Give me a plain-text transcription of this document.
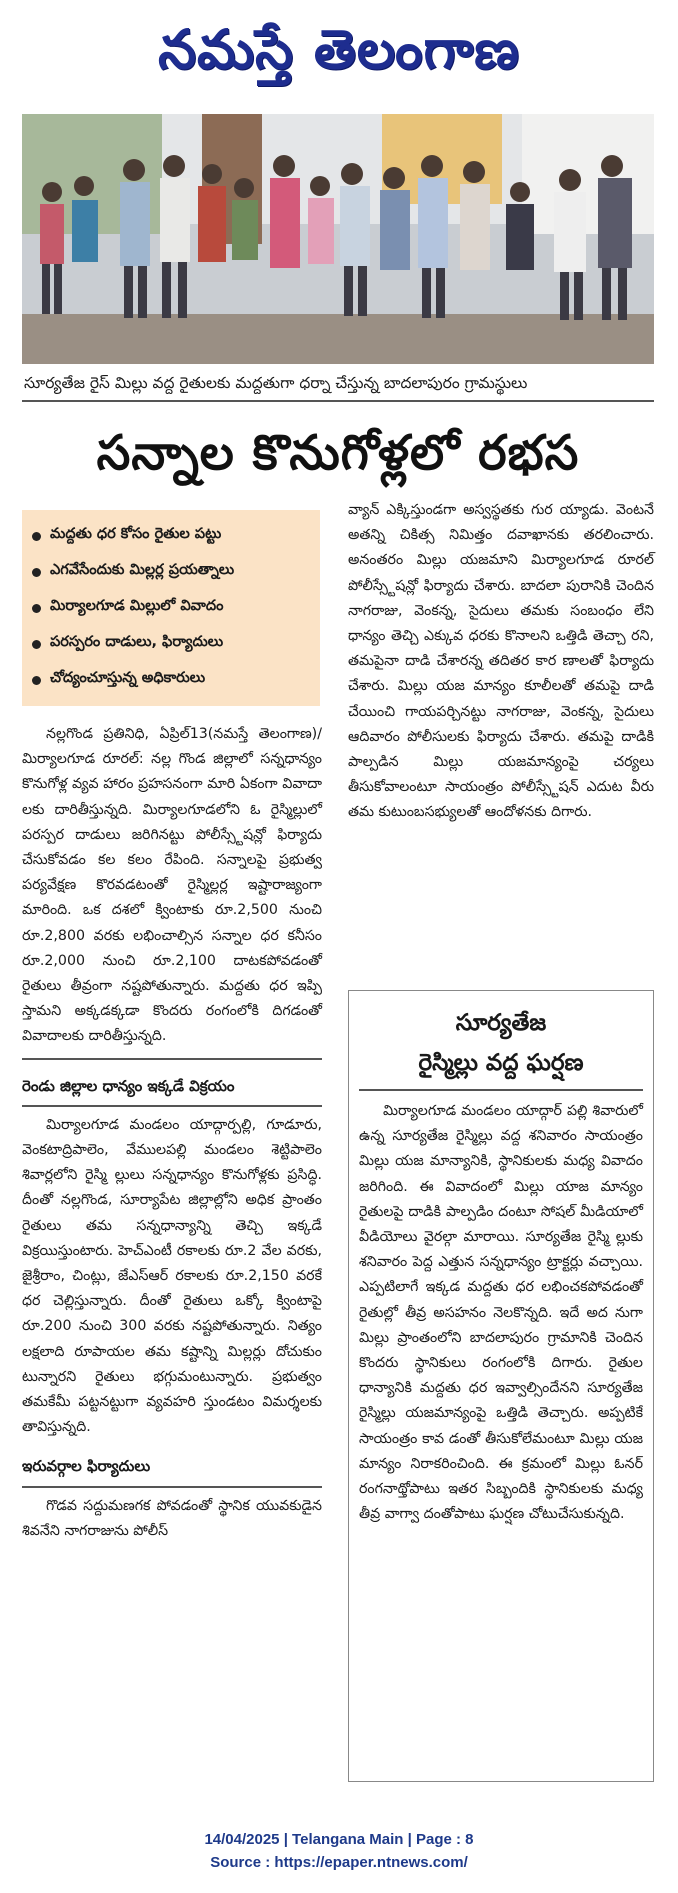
నమస్తే తెలంగాణ
సూర్యతేజ రైస్ మిల్లు వద్ద రైతులకు మద్దతుగా ధర్నా చేస్తున్న బాదలాపురం గ్రామస్థులు
సన్నాల కొనుగోళ్లలో రభస
మద్దతు ధర కోసం రైతుల పట్టు
ఎగవేసేందుకు మిల్లర్ల ప్రయత్నాలు
మిర్యాలగూడ మిల్లులో వివాదం
పరస్పరం దాడులు, ఫిర్యాదులు
చోద్యంచూస్తున్న అధికారులు

నల్లగొండ ప్రతినిధి, ఏప్రిల్13(నమస్తే తెలంగాణ)/మిర్యాలగూడ రూరల్: నల్ల గొండ జిల్లాలో సన్నధాన్యం కొనుగోళ్ల వ్యవ హారం ప్రహసనంగా మారి ఏకంగా వివాదా లకు దారితీస్తున్నది. మిర్యాలగూడలోని ఓ రైస్మిల్లులో పరస్పర దాడులు జరిగినట్టు పోలీస్స్టేషన్లో ఫిర్యాదు చేసుకోవడం కల కలం రేపింది. సన్నాలపై ప్రభుత్వ పర్యవేక్షణ కొరవడటంతో రైస్మిల్లర్ల ఇష్టారాజ్యంగా మారింది. ఒక దశలో క్వింటాకు రూ.2,500 నుంచి రూ.2,800 వరకు లభించాల్సిన సన్నాల ధర కనీసం రూ.2,000 నుంచి రూ.2,100 దాటకపోవడంతో రైతులు తీవ్రంగా నష్టపోతున్నారు. మద్దతు ధర ఇప్పి స్తామని అక్కడక్కడా కొందరు రంగంలోకి దిగడంతో వివాదాలకు దారితీస్తున్నది.

రెండు జిల్లాల ధాన్యం ఇక్కడే విక్రయం

మిర్యాలగూడ మండలం యాద్గార్పల్లి, గూడూరు, వెంకటాద్రిపాలెం, వేములపల్లి మండలం శెట్టిపాలెం శివార్లలోని రైస్మి ల్లులు సన్నధాన్యం కొనుగోళ్లకు ప్రసిద్ధి. దీంతో నల్లగొండ, సూర్యాపేట జిల్లాల్లోని అధిక ప్రాంతం రైతులు తమ సన్నధాన్యాన్ని తెచ్చి ఇక్కడే విక్రయిస్తుంటారు. హెచ్ఎంటీ రకాలకు రూ.2 వేల వరకు, జైశ్రీరాం, చింట్లు, జేఎస్ఆర్ రకాలకు రూ.2,150 వరకే ధర చెల్లిస్తున్నారు. దీంతో రైతులు ఒక్కో క్వింటాపై రూ.200 నుంచి 300 వరకు నష్టపోతున్నారు. నిత్యం లక్షలాది రూపాయల తమ కష్టాన్ని మిల్లర్లు దోచుకుం టున్నారని రైతులు భగ్గుమంటున్నారు. ప్రభుత్వం తమకేమీ పట్టనట్టుగా వ్యవహరి స్తుండటం విమర్శలకు తావిస్తున్నది.

ఇరువర్గాల ఫిర్యాదులు

గొడవ సద్దుమణగక పోవడంతో స్థానిక యువకుడైన శివనేని నాగరాజును పోలీస్

వ్యాన్ ఎక్కిస్తుండగా అస్వస్థతకు గుర య్యాడు. వెంటనే అతన్ని చికిత్స నిమిత్తం దవాఖానకు తరలించారు. అనంతరం మిల్లు యజమాని మిర్యాలగూడ రూరల్ పోలీస్స్టేషన్లో ఫిర్యాదు చేశారు. బాదలా పురానికి చెందిన నాగరాజు, వెంకన్న, సైదులు తమకు సంబంధం లేని ధాన్యం తెచ్చి ఎక్కువ ధరకు కొనాలని ఒత్తిడి తెచ్చా రని, తమపైనా దాడి చేశారన్న తదితర కార ణాలతో ఫిర్యాదు చేశారు. మిల్లు యజ మాన్యం కూలీలతో తమపై దాడి చేయించి గాయపర్చినట్టు నాగరాజు, వెంకన్న, సైదులు ఆదివారం పోలీసులకు ఫిర్యాదు చేశారు. తమపై దాడికి పాల్పడిన మిల్లు యజమాన్యంపై చర్యలు తీసుకోవాలంటూ సాయంత్రం పోలీస్స్టేషన్ ఎదుట వీరు తమ కుటుంబసభ్యులతో ఆందోళనకు దిగారు.

సూర్యతేజ
రైస్మిల్లు వద్ద ఘర్షణ

మిర్యాలగూడ మండలం యాద్గార్ పల్లి శివారులో ఉన్న సూర్యతేజ రైస్మిల్లు వద్ద శనివారం సాయంత్రం మిల్లు యజ మాన్యానికి, స్థానికులకు మధ్య వివాదం జరిగింది. ఈ వివాదంలో మిల్లు యాజ మాన్యం రైతులపై దాడికి పాల్పడిం దంటూ సోషల్ మీడియాలో వీడియోలు వైరల్గా మారాయి. సూర్యతేజ రైస్మి ల్లుకు శనివారం పెద్ద ఎత్తున సన్నధాన్యం ట్రాక్టర్లు వచ్చాయి. ఎప్పటిలాగే ఇక్కడ మద్దతు ధర లభించకపోవడంతో రైతుల్లో తీవ్ర అసహనం నెలకొన్నది. ఇదే అద నుగా మిల్లు ప్రాంతంలోని బాదలాపురం గ్రామానికి చెందిన కొందరు స్థానికులు రంగంలోకి దిగారు. రైతుల ధాన్యానికి మద్దతు ధర ఇవ్వాల్సిందేనని సూర్యతేజ రైస్మిల్లు యజమాన్యంపై ఒత్తిడి తెచ్చారు. అప్పటికే సాయంత్రం కావ డంతో తీసుకోలేమంటూ మిల్లు యజ మాన్యం నిరాకరించింది. ఈ క్రమంలో మిల్లు ఓనర్ రంగనాథ్తోపాటు ఇతర సిబ్బందికి స్థానికులకు మధ్య తీవ్ర వాగ్వా దంతోపాటు ఘర్షణ చోటుచేసుకున్నది.

14/04/2025 | Telangana Main | Page : 8
Source : https://epaper.ntnews.com/
